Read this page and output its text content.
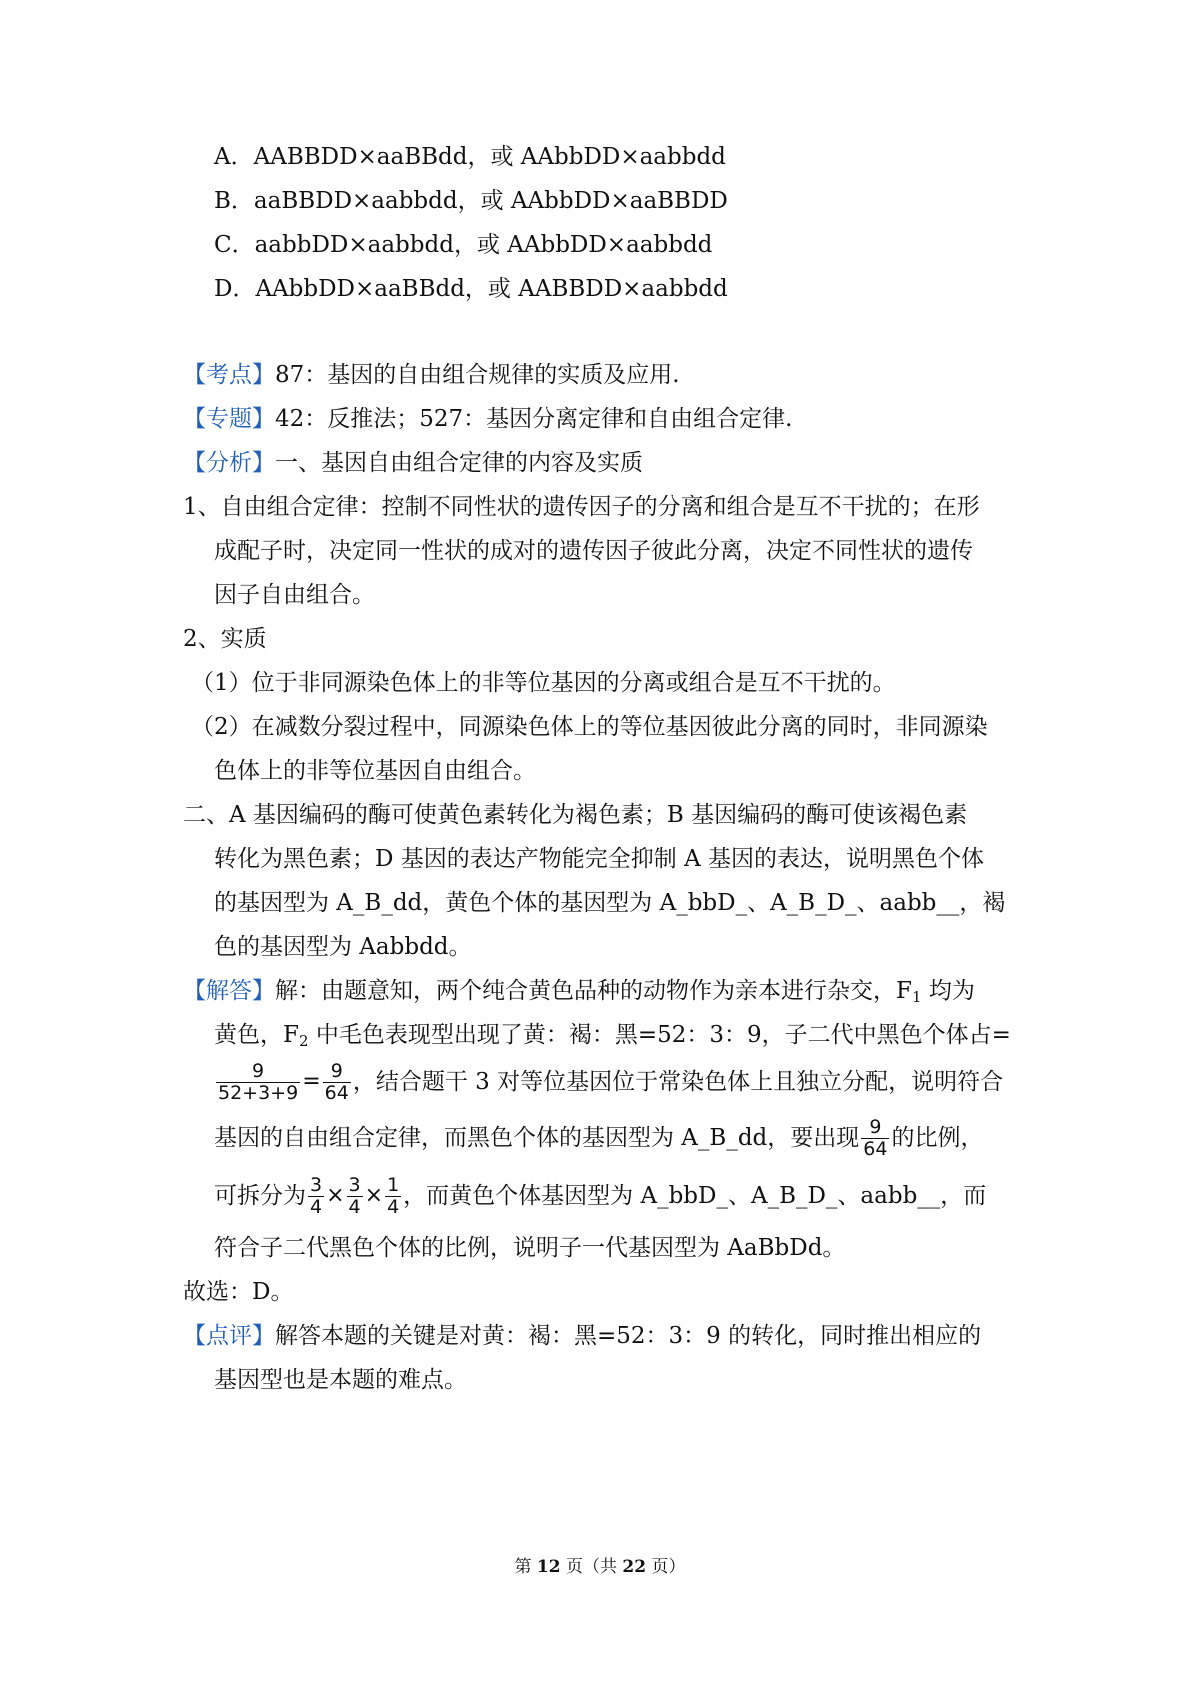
A．AABBDD×aaBBdd，或 AAbbDD×aabbdd
B．aaBBDD×aabbdd，或 AAbbDD×aaBBDD
C．aabbDD×aabbdd，或 AAbbDD×aabbdd
D．AAbbDD×aaBBdd，或 AABBDD×aabbdd
【考点】87：基因的自由组合规律的实质及应用.
【专题】42：反推法；527：基因分离定律和自由组合定律.
【分析】一、基因自由组合定律的内容及实质
1、自由组合定律：控制不同性状的遗传因子的分离和组合是互不干扰的；在形
成配子时，决定同一性状的成对的遗传因子彼此分离，决定不同性状的遗传
因子自由组合。
2、实质
（1）位于非同源染色体上的非等位基因的分离或组合是互不干扰的。
（2）在减数分裂过程中，同源染色体上的等位基因彼此分离的同时，非同源染
色体上的非等位基因自由组合。
二、A 基因编码的酶可使黄色素转化为褐色素；B 基因编码的酶可使该褐色素
转化为黑色素；D 基因的表达产物能完全抑制 A 基因的表达，说明黑色个体
的基因型为 A_B_dd，黄色个体的基因型为 A_bbD_、A_B_D_、aabb__，褐
色的基因型为 Aabbdd。
【解答】解：由题意知，两个纯合黄色品种的动物作为亲本进行杂交，$F_1$ 均为
黄色，$F_2$ 中毛色表现型出现了黄：褐：黑=52：3：9，子二代中黑色个体占=
$\frac{9}{52+3+9} = \frac{9}{64}$ ，结合题干 3 对等位基因位于常染色体上且独立分配，说明符合
基因的自由组合定律，而黑色个体的基因型为 A_B_dd，要出现 $\frac{9}{64}$ 的比例，
可拆分为 $\frac{3}{4} \times \frac{3}{4} \times \frac{1}{4}$ ，而黄色个体基因型为 A_bbD_、A_B_D_、aabb__，而
符合子二代黑色个体的比例，说明子一代基因型为 AaBbDd。
故选：D。
【点评】解答本题的关键是对黄：褐：黑=52：3：9 的转化，同时推出相应的
基因型也是本题的难点。
第 12 页（共 22 页）
